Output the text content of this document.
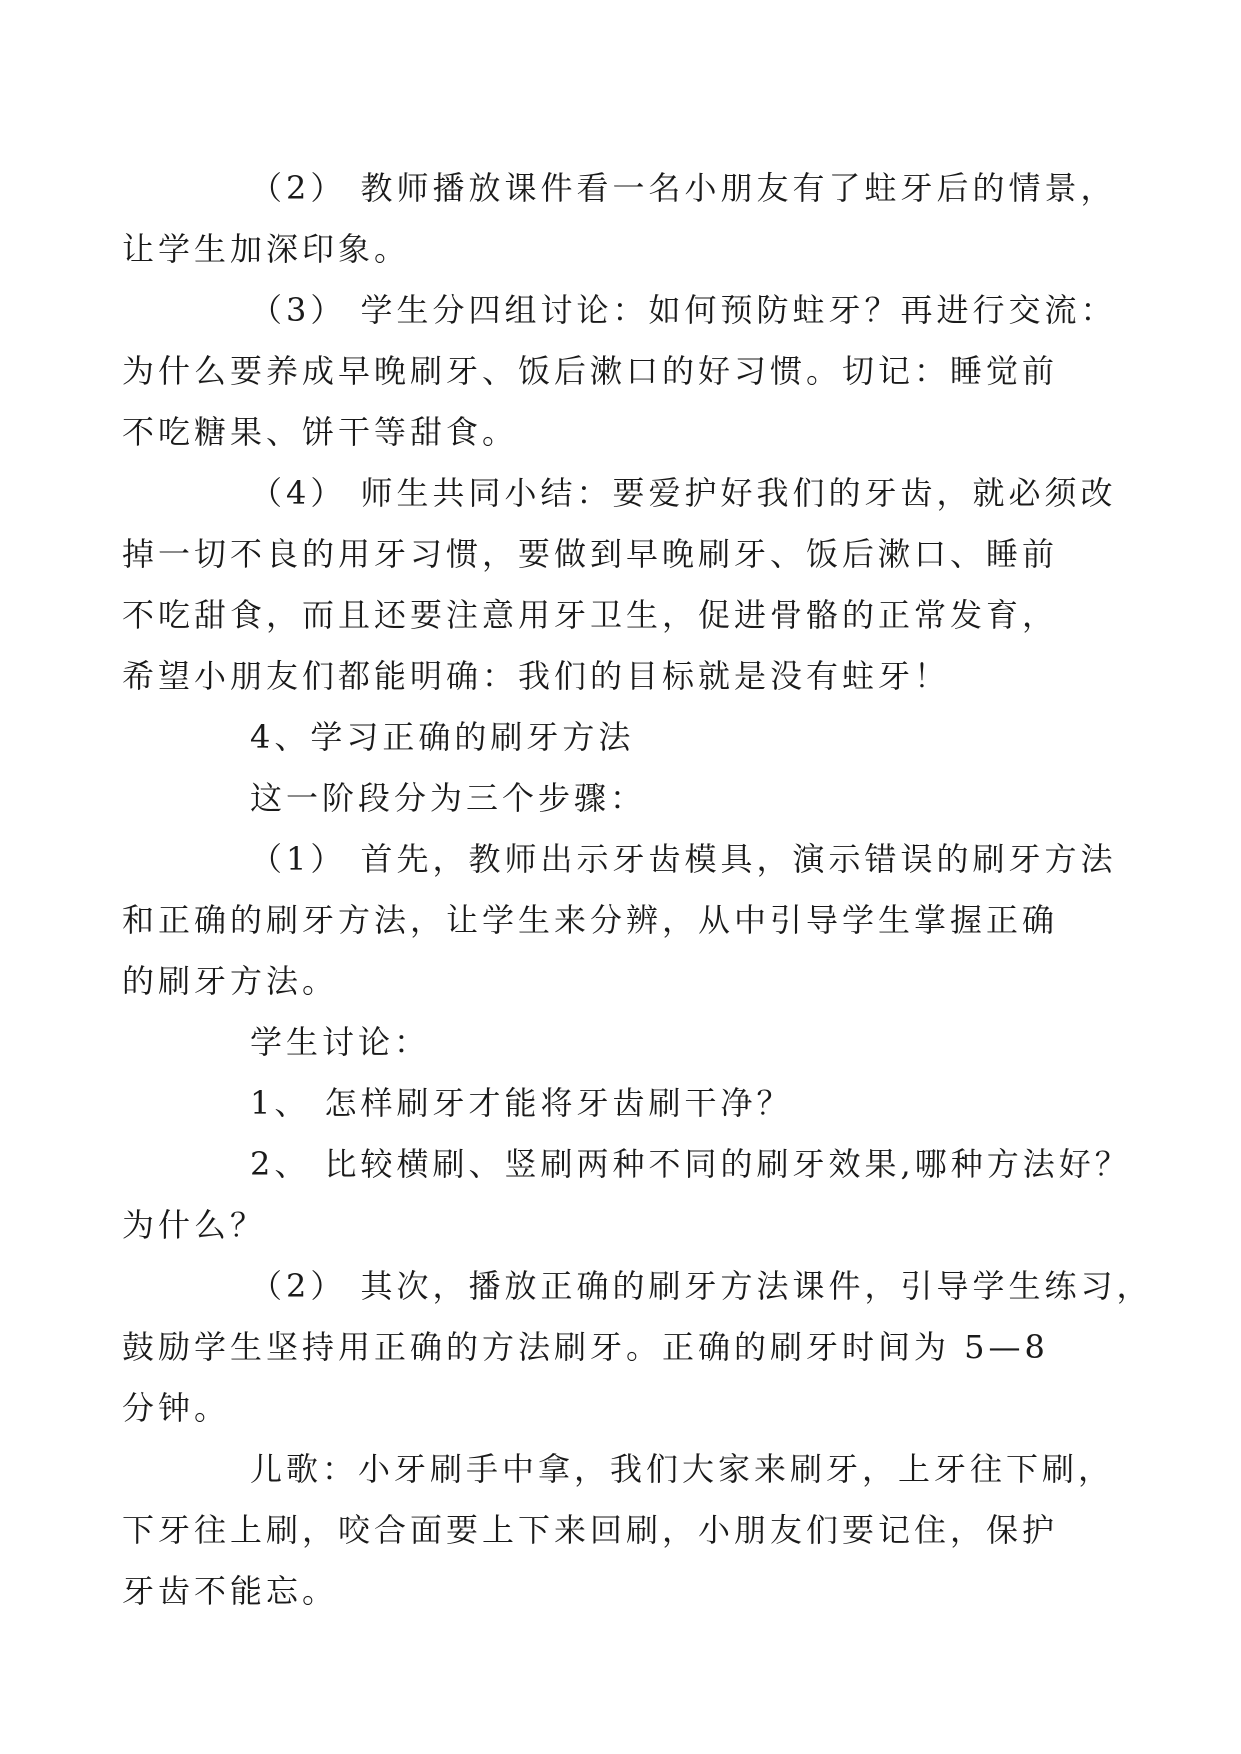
（2） 教师播放课件看一名小朋友有了蛀牙后的情景，
让学生加深印象。

（3） 学生分四组讨论：如何预防蛀牙？再进行交流：
为什么要养成早晚刷牙、饭后漱口的好习惯。切记：睡觉前
不吃糖果、饼干等甜食。

（4） 师生共同小结：要爱护好我们的牙齿，就必须改
掉一切不良的用牙习惯，要做到早晚刷牙、饭后漱口、睡前
不吃甜食，而且还要注意用牙卫生，促进骨骼的正常发育，
希望小朋友们都能明确：我们的目标就是没有蛀牙！

4、学习正确的刷牙方法

这一阶段分为三个步骤：

（1） 首先，教师出示牙齿模具，演示错误的刷牙方法
和正确的刷牙方法，让学生来分辨，从中引导学生掌握正确
的刷牙方法。

学生讨论：

1、 怎样刷牙才能将牙齿刷干净？

2、 比较横刷、竖刷两种不同的刷牙效果,哪种方法好？
为什么？

（2） 其次，播放正确的刷牙方法课件，引导学生练习，
鼓励学生坚持用正确的方法刷牙。正确的刷牙时间为 5—8
分钟。

儿歌：小牙刷手中拿，我们大家来刷牙，上牙往下刷，
下牙往上刷，咬合面要上下来回刷，小朋友们要记住，保护
牙齿不能忘。
